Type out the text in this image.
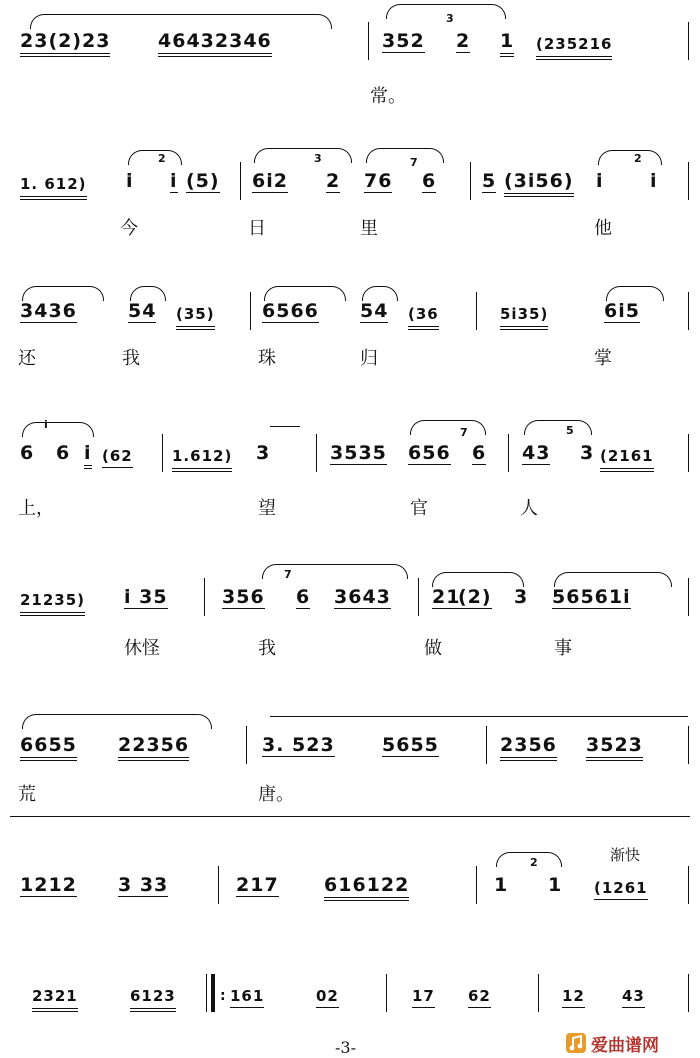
23(2)23	46432346	352 2 1 (235216
3
常。
1. 612) i i (5) 6i2 2 76 6 5 (3i56) i i
2	3	7	2
今	日	里	他
3436	54 (35) 6566 54 (36	5i35)	6i5
还	我	珠	归	掌
6 6 i (62	1.612) 3	3535 656 6 43 3 (2161
i
7	5
上，	望	官	人
21235) i 35	356 6 3643 21
(2) 3 56561i
7
休怪	我	做	事
6655 22356	3. 523 5655	2356 3523
荒	唐。
1212 3 33	217 616122	1 1 (1261
2	渐快
2321	6123	: 161	02	17 62	12 43
-3-	爱曲谱网
